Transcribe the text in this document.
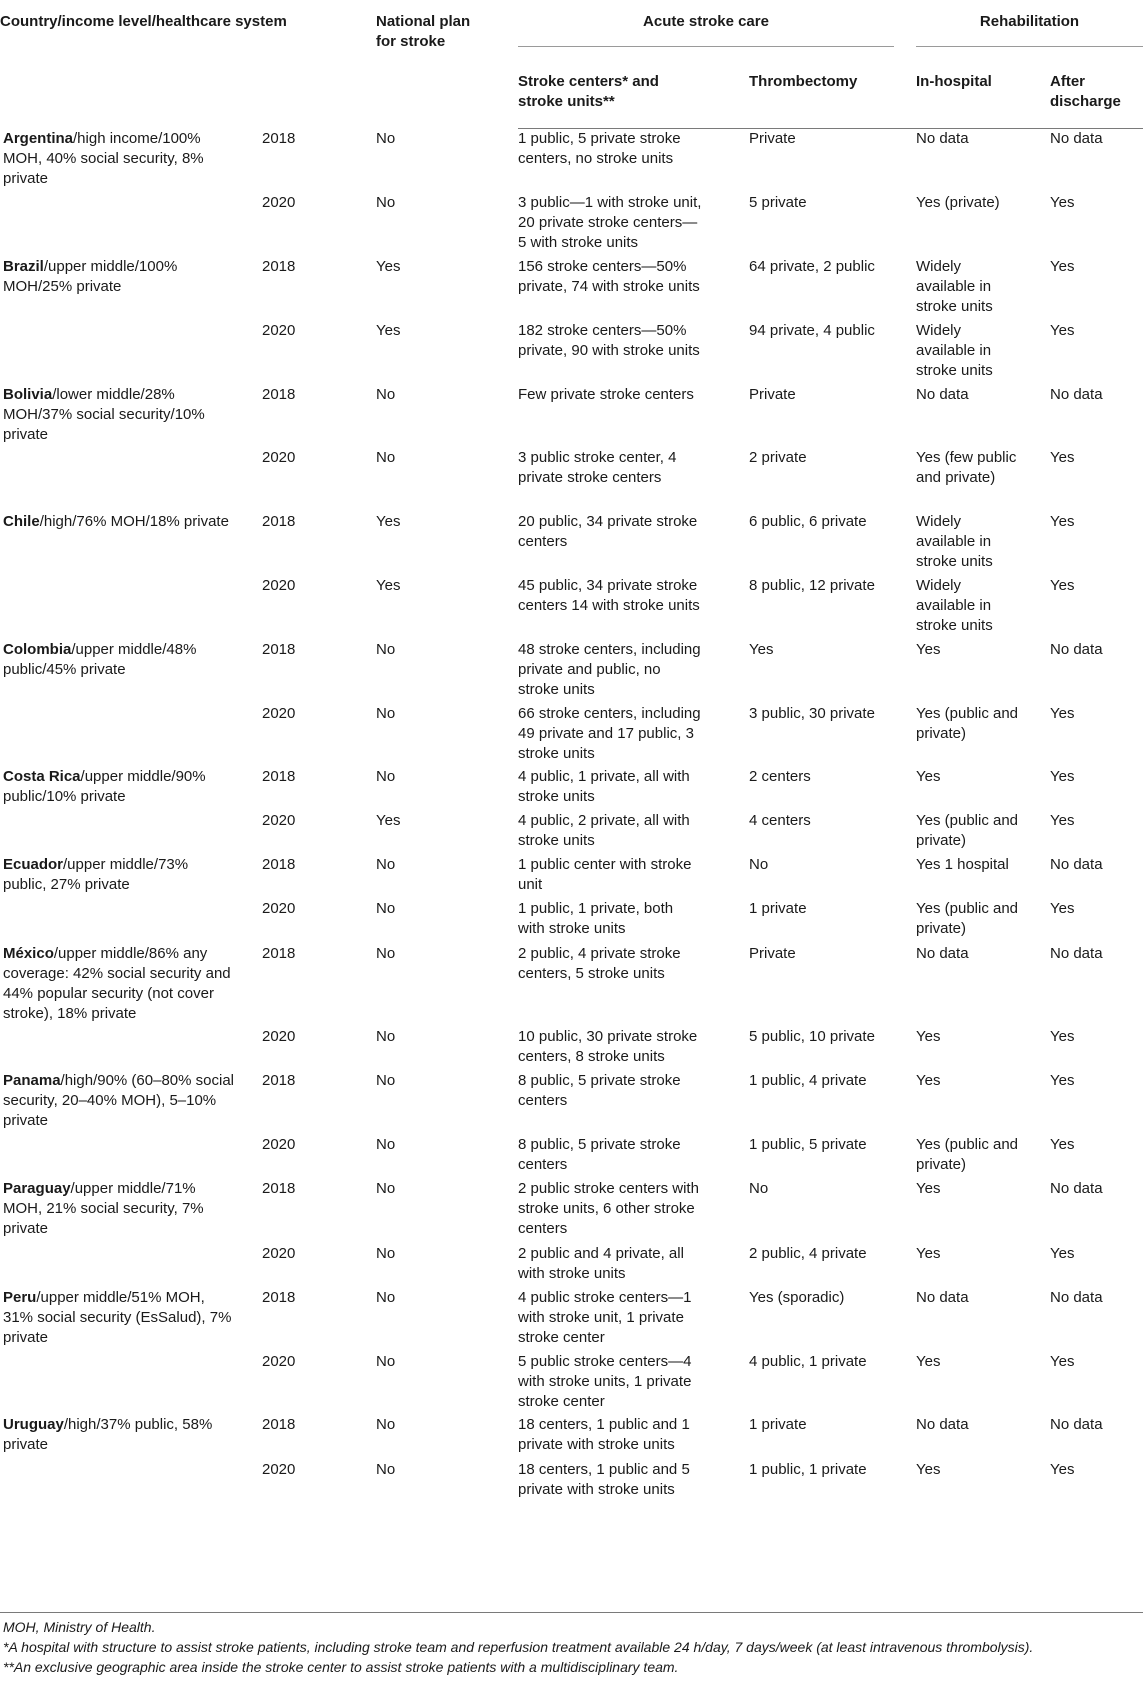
Country/income level/healthcare system		National plan for stroke	Acute stroke care		Rehabilitation	

			Stroke centers* and stroke units**	Thrombectomy	In-hospital	After discharge

Argentina/high income/100% MOH, 40% social security, 8% private	2018	No	1 public, 5 private stroke centers, no stroke units	Private	No data	No data
	2020	No	3 public—1 with stroke unit, 20 private stroke centers—5 with stroke units	5 private	Yes (private)	Yes
Brazil/upper middle/100% MOH/25% private	2018	Yes	156 stroke centers—50% private, 74 with stroke units	64 private, 2 public	Widely available in stroke units	Yes
	2020	Yes	182 stroke centers—50% private, 90 with stroke units	94 private, 4 public	Widely available in stroke units	Yes
Bolivia/lower middle/28% MOH/37% social security/10% private	2018	No	Few private stroke centers	Private	No data	No data
	2020	No	3 public stroke center, 4 private stroke centers	2 private	Yes (few public and private)	Yes
Chile/high/76% MOH/18% private	2018	Yes	20 public, 34 private stroke centers	6 public, 6 private	Widely available in stroke units	Yes
	2020	Yes	45 public, 34 private stroke centers 14 with stroke units	8 public, 12 private	Widely available in stroke units	Yes
Colombia/upper middle/48% public/45% private	2018	No	48 stroke centers, including private and public, no stroke units	Yes	Yes	No data
	2020	No	66 stroke centers, including 49 private and 17 public, 3 stroke units	3 public, 30 private	Yes (public and private)	Yes
Costa Rica/upper middle/90% public/10% private	2018	No	4 public, 1 private, all with stroke units	2 centers	Yes	Yes
	2020	Yes	4 public, 2 private, all with stroke units	4 centers	Yes (public and private)	Yes
Ecuador/upper middle/73% public, 27% private	2018	No	1 public center with stroke unit	No	Yes 1 hospital	No data
	2020	No	1 public, 1 private, both with stroke units	1 private	Yes (public and private)	Yes
México/upper middle/86% any coverage: 42% social security and 44% popular security (not cover stroke), 18% private	2018	No	2 public, 4 private stroke centers, 5 stroke units	Private	No data	No data
	2020	No	10 public, 30 private stroke centers, 8 stroke units	5 public, 10 private	Yes	Yes
Panama/high/90% (60–80% social security, 20–40% MOH), 5–10% private	2018	No	8 public, 5 private stroke centers	1 public, 4 private	Yes	Yes
	2020	No	8 public, 5 private stroke centers	1 public, 5 private	Yes (public and private)	Yes
Paraguay/upper middle/71% MOH, 21% social security, 7% private	2018	No	2 public stroke centers with stroke units, 6 other stroke centers	No	Yes	No data
	2020	No	2 public and 4 private, all with stroke units	2 public, 4 private	Yes	Yes
Peru/upper middle/51% MOH, 31% social security (EsSalud), 7% private	2018	No	4 public stroke centers—1 with stroke unit, 1 private stroke center	Yes (sporadic)	No data	No data
	2020	No	5 public stroke centers—4 with stroke units, 1 private stroke center	4 public, 1 private	Yes	Yes
Uruguay/high/37% public, 58% private	2018	No	18 centers, 1 public and 1 private with stroke units	1 private	No data	No data
	2020	No	18 centers, 1 public and 5 private with stroke units	1 public, 1 private	Yes	Yes
MOH, Ministry of Health.
*A hospital with structure to assist stroke patients, including stroke team and reperfusion treatment available 24 h/day, 7 days/week (at least intravenous thrombolysis).
**An exclusive geographic area inside the stroke center to assist stroke patients with a multidisciplinary team.
